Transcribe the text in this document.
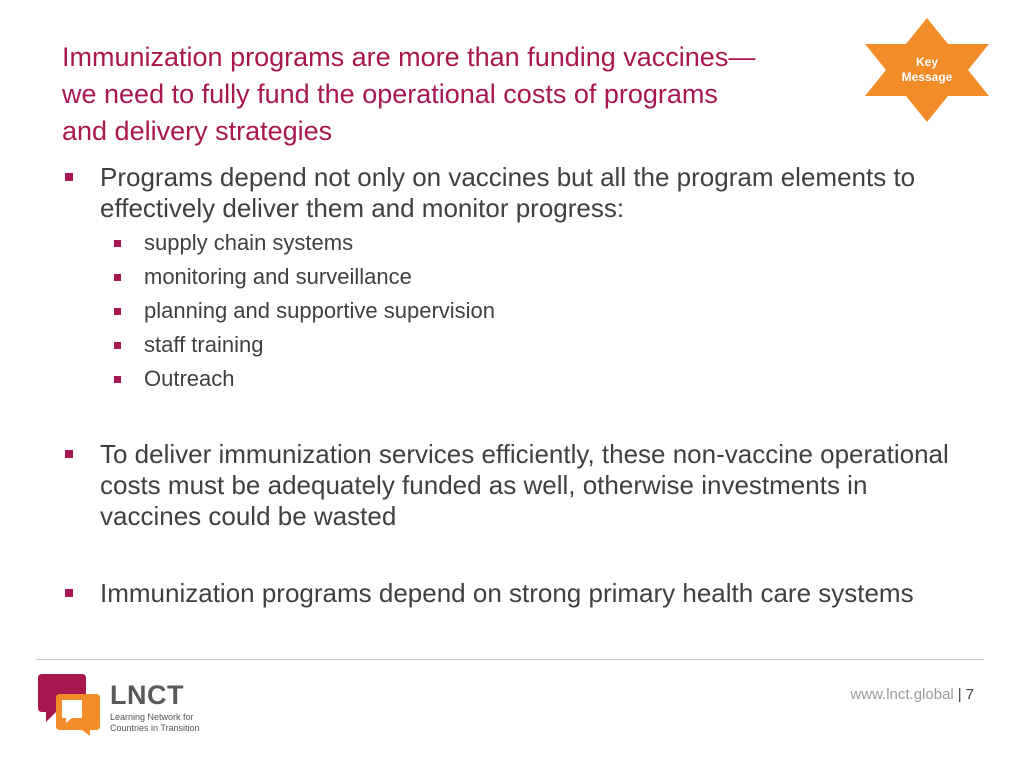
Immunization programs are more than funding vaccines—
we need to fully fund the operational costs of programs
and delivery strategies
Key
Message
Programs depend not only on vaccines but all the program elements to effectively deliver them and monitor progress:
supply chain systems
monitoring and surveillance
planning and supportive supervision
staff training
Outreach
To deliver immunization services efficiently, these non-vaccine operational costs must be adequately funded as well, otherwise investments in vaccines could be wasted
Immunization programs depend on strong primary health care systems
LNCT
Learning Network for
Countries in Transition
www.lnct.global | 7
